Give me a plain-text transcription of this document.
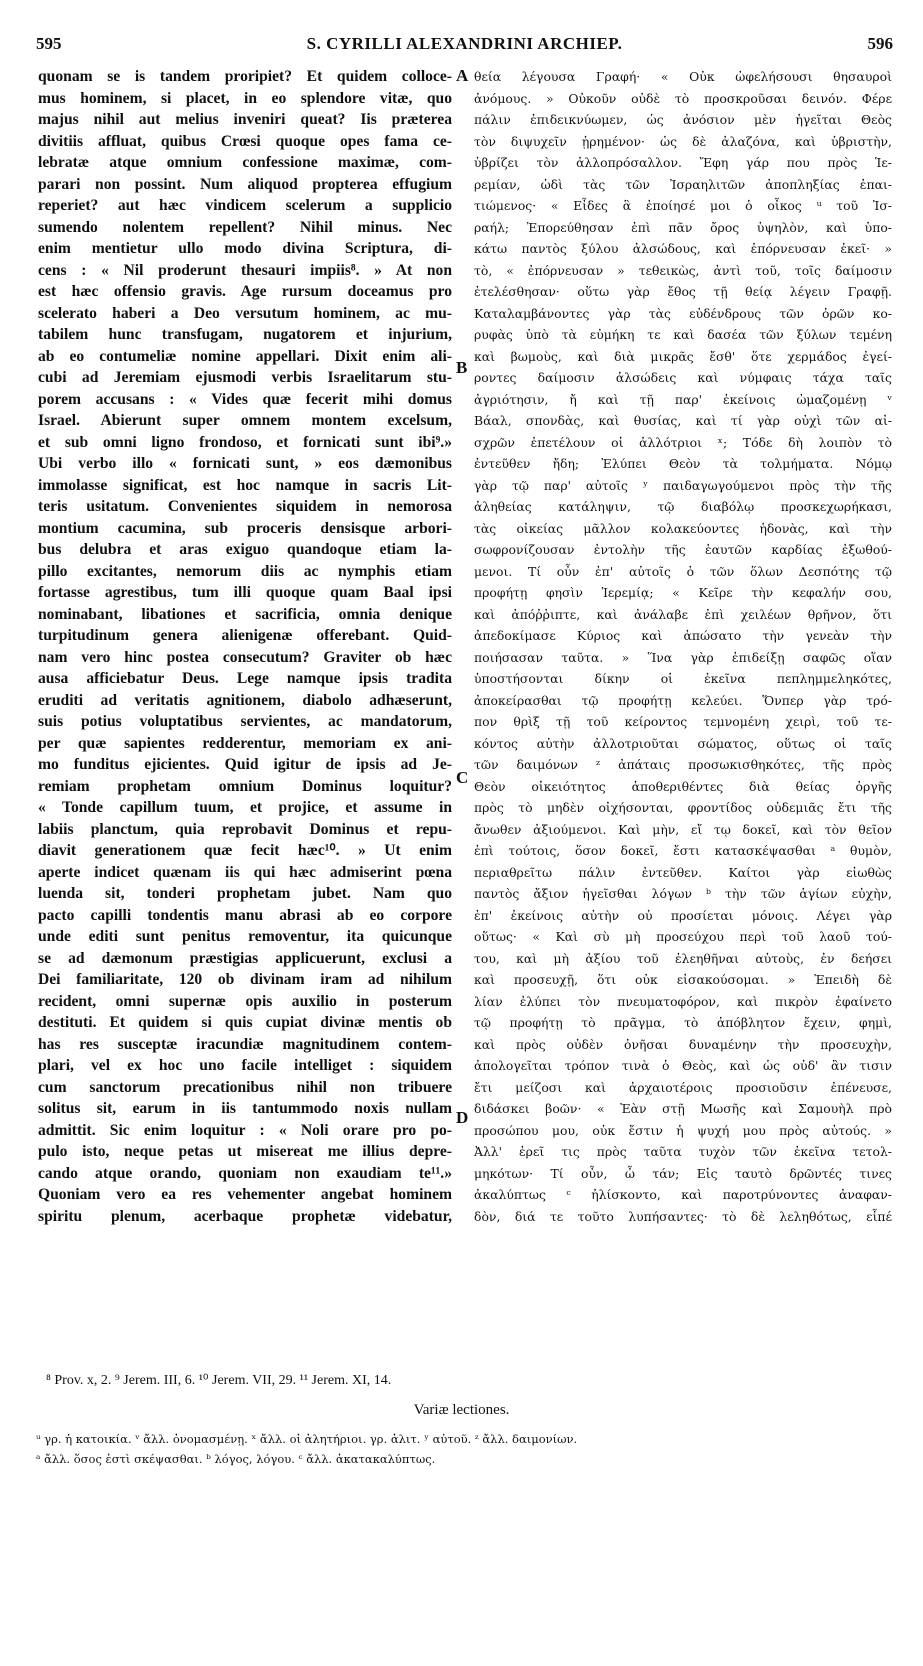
595	S. CYRILLI ALEXANDRINI ARCHIEP.	596
quonam se is tandem proripiet? Et quidem colloce-
mus hominem, si placet, in eo splendore vitæ, quo
majus nihil aut melius inveniri queat? Iis præterea
divitiis affluat, quibus Crœsi quoque opes fama ce-
lebratæ atque omnium confessione maximæ, com-
parari non possint. Num aliquod propterea effugium
reperiet? aut hæc vindicem scelerum a supplicio
sumendo nolentem repellent? Nihil minus. Nec
enim mentietur ullo modo divina Scriptura, di-
cens : « Nil proderunt thesauri impiis⁸. » At non
est hæc offensio gravis. Age rursum doceamus pro
scelerato haberi a Deo versutum hominem, ac mu-
tabilem hunc transfugam, nugatorem et injurium,
ab eo contumeliæ nomine appellari. Dixit enim ali-
cubi ad Jeremiam ejusmodi verbis Israelitarum stu-
porem accusans : « Vides quæ fecerit mihi domus
Israel. Abierunt super omnem montem excelsum,
et sub omni ligno frondoso, et fornicati sunt ibi⁹.»
Ubi verbo illo « fornicati sunt, » eos dæmonibus
immolasse significat, est hoc namque in sacris Lit-
teris usitatum. Convenientes siquidem in nemorosa
montium cacumina, sub proceris densisque arbori-
bus delubra et aras exiguo quandoque etiam la-
pillo excitantes, nemorum diis ac nymphis etiam
fortasse agrestibus, tum illi quoque quam Baal ipsi
nominabant, libationes et sacrificia, omnia denique
turpitudinum genera alienigenæ offerebant. Quid-
nam vero hinc postea consecutum? Graviter ob hæc
ausa afficiebatur Deus. Lege namque ipsis tradita
eruditi ad veritatis agnitionem, diabolo adhæserunt,
suis potius voluptatibus servientes, ac mandatorum,
per quæ sapientes redderentur, memoriam ex ani-
mo funditus ejicientes. Quid igitur de ipsis ad Je-
remiam prophetam omnium Dominus loquitur?
« Tonde capillum tuum, et projice, et assume in
labiis planctum, quia reprobavit Dominus et repu-
diavit generationem quæ fecit hæc¹⁰. » Ut enim
aperte indicet quænam iis qui hæc admiserint pœna
luenda sit, tonderi prophetam jubet. Nam quo
pacto capilli tondentis manu abrasi ab eo corpore
unde editi sunt penitus removentur, ita quicunque
se ad dæmonum præstigias applicuerunt, exclusi a
Dei familiaritate, 120 ob divinam iram ad nihilum
recident, omni supernæ opis auxilio in posterum
destituti. Et quidem si quis cupiat divinæ mentis ob
has res susceptæ iracundiæ magnitudinem contem-
plari, vel ex hoc uno facile intelliget : siquidem
cum sanctorum precationibus nihil non tribuere
solitus sit, earum in iis tantummodo noxis nullam
admittit. Sic enim loquitur : « Noli orare pro po-
pulo isto, neque petas ut misereat me illius depre-
cando atque orando, quoniam non exaudiam te¹¹.»
Quoniam vero ea res vehementer angebat hominem
spiritu plenum, acerbaque prophetæ videbatur,
A
B
C
D
θεία λέγουσα Γραφή· « Οὐκ ὠφελήσουσι θησαυροὶ
ἀνόμους. » Οὐκοῦν οὐδὲ τὸ προσκροῦσαι δεινόν. Φέρε
πάλιν ἐπιδεικνύωμεν, ὡς ἀνόσιον μὲν ἡγεῖται Θεὸς
τὸν διψυχεῖν ᾑρημένον· ὡς δὲ ἀλαζόνα, καὶ ὑβριστὴν,
ὑβρίζει τὸν ἀλλοπρόσαλλον. Ἔφη γάρ που πρὸς Ἱε-
ρεμίαν, ὡδὶ τὰς τῶν Ἰσραηλιτῶν ἀποπληξίας ἐπαι-
τιώμενος· « Εἶδες ἃ ἐποίησέ μοι ὁ οἶκος ᵘ τοῦ Ἰσ-
ραήλ; Ἐπορεύθησαν ἐπὶ πᾶν ὄρος ὑψηλὸν, καὶ ὑπο-
κάτω παντὸς ξύλου ἀλσώδους, καὶ ἐπόρνευσαν ἐκεῖ· »
τὸ, « ἐπόρνευσαν » τεθεικὼς, ἀντὶ τοῦ, τοῖς δαίμοσιν
ἐτελέσθησαν· οὕτω γὰρ ἔθος τῇ θείᾳ λέγειν Γραφῇ.
Καταλαμβάνοντες γὰρ τὰς εὐδένδρους τῶν ὀρῶν κο-
ρυφὰς ὑπὸ τὰ εὐμήκη τε καὶ δασέα τῶν ξύλων τεμένη
καὶ βωμοὺς, καὶ διὰ μικρᾶς ἔσθ' ὅτε χερμάδος ἐγεί-
ροντες δαίμοσιν ἀλσώδεις καὶ νύμφαις τάχα ταῖς
ἀγριότησιν, ἤ καὶ τῇ παρ' ἐκείνοις ὠμαζομένῃ ᵛ
Βάαλ, σπονδὰς, καὶ θυσίας, καὶ τί γὰρ οὐχὶ τῶν αἰ-
σχρῶν ἐπετέλουν οἱ ἀλλότριοι ˣ; Τόδε δὴ λοιπὸν τὸ
ἐντεῦθεν ἤδη; Ἐλύπει Θεὸν τὰ τολμήματα. Νόμῳ
γὰρ τῷ παρ' αὐτοῖς ʸ παιδαγωγούμενοι πρὸς τὴν τῆς
ἀληθείας κατάληψιν, τῷ διαβόλῳ προσκεχωρήκασι,
τὰς οἰκείας μᾶλλον κολακεύοντες ἡδονὰς, καὶ τὴν
σωφρονίζουσαν ἐντολὴν τῆς ἑαυτῶν καρδίας ἐξωθού-
μενοι. Τί οὖν ἐπ' αὐτοῖς ὁ τῶν ὅλων Δεσπότης τῷ
προφήτῃ φησὶν Ἱερεμίᾳ; « Κεῖρε τὴν κεφαλήν σου,
καὶ ἀπόῤῥιπτε, καὶ ἀνάλαβε ἐπὶ χειλέων θρῆνον, ὅτι
ἀπεδοκίμασε Κύριος καὶ ἀπώσατο τὴν γενεὰν τὴν
ποιήσασαν ταῦτα. » Ἵνα γὰρ ἐπιδείξῃ σαφῶς οἵαν
ὑποστήσονται δίκην οἱ ἐκεῖνα πεπλημμεληκότες,
ἀποκείρασθαι τῷ προφήτῃ κελεύει. Ὅνπερ γὰρ τρό-
πον θρὶξ τῇ τοῦ κείροντος τεμνομένη χειρὶ, τοῦ τε-
κόντος αὐτὴν ἀλλοτριοῦται σώματος, οὕτως οἱ ταῖς
τῶν δαιμόνων ᶻ ἀπάταις προσωκισθηκότες, τῆς πρὸς
Θεὸν οἰκειότητος ἀποθεριθέντες διὰ θείας ὀργῆς
πρὸς τὸ μηδὲν οἰχήσονται, φροντίδος οὐδεμιᾶς ἔτι τῆς
ἄνωθεν ἀξιούμενοι. Καὶ μὴν, εἴ τῳ δοκεῖ, καὶ τὸν θεῖον
ἐπὶ τούτοις, ὅσον δοκεῖ, ἔστι κατασκέψασθαι ᵃ θυμὸν,
περιαθρεῖτω πάλιν ἐντεῦθεν. Καίτοι γὰρ εἰωθὼς
παντὸς ἄξιον ἡγεῖσθαι λόγων ᵇ τὴν τῶν ἁγίων εὐχὴν,
ἐπ' ἐκείνοις αὐτὴν οὐ προσίεται μόνοις. Λέγει γὰρ
οὕτως· « Καὶ σὺ μὴ προσεύχου περὶ τοῦ λαοῦ τού-
του, καὶ μὴ ἀξίου τοῦ ἐλεηθῆναι αὐτοὺς, ἐν δεήσει
καὶ προσευχῇ, ὅτι οὐκ εἰσακούσομαι. » Ἐπειδὴ δὲ
λίαν ἐλύπει τὸν πνευματοφόρον, καὶ πικρὸν ἐφαίνετο
τῷ προφήτῃ τὸ πρᾶγμα, τὸ ἀπόβλητον ἔχειν, φημὶ,
καὶ πρὸς οὐδὲν ὀνῆσαι δυναμένην τὴν προσευχὴν,
ἀπολογεῖται τρόπον τινὰ ὁ Θεὸς, καὶ ὡς οὐδ' ἂν τισιν
ἔτι μείζοσι καὶ ἀρχαιοτέροις προσιοῦσιν ἐπένευσε,
διδάσκει βοῶν· « Ἐὰν στῇ Μωσῆς καὶ Σαμουὴλ πρὸ
προσώπου μου, οὐκ ἔστιν ἡ ψυχή μου πρὸς αὐτούς. »
Ἀλλ' ἐρεῖ τις πρὸς ταῦτα τυχὸν τῶν ἐκεῖνα τετολ-
μηκότων· Τί οὖν, ὦ τάν; Εἰς ταυτὸ δρῶντές τινες
ἀκαλύπτως ᶜ ἠλίσκοντο, καὶ παροτρύνοντες ἀναφαν-
δὸν, διά τε τοῦτο λυπήσαντες· τὸ δὲ λεληθότως, εἶπέ
⁸ Prov. x, 2. ⁹ Jerem. III, 6. ¹⁰ Jerem. VII, 29. ¹¹ Jerem. XI, 14.
Variæ lectiones.
ᵘ γρ. ἡ κατοικία. ᵛ ἄλλ. ὀνομασμένῃ. ˣ ἄλλ. οἱ ἀλητήριοι. γρ. ἀλιτ. ʸ αὐτοῦ. ᶻ ἄλλ. δαιμονίων.
ᵃ ἄλλ. ὅσος ἐστὶ σκέψασθαι. ᵇ λόγος, λόγου. ᶜ ἄλλ. ἀκατακαλύπτως.
